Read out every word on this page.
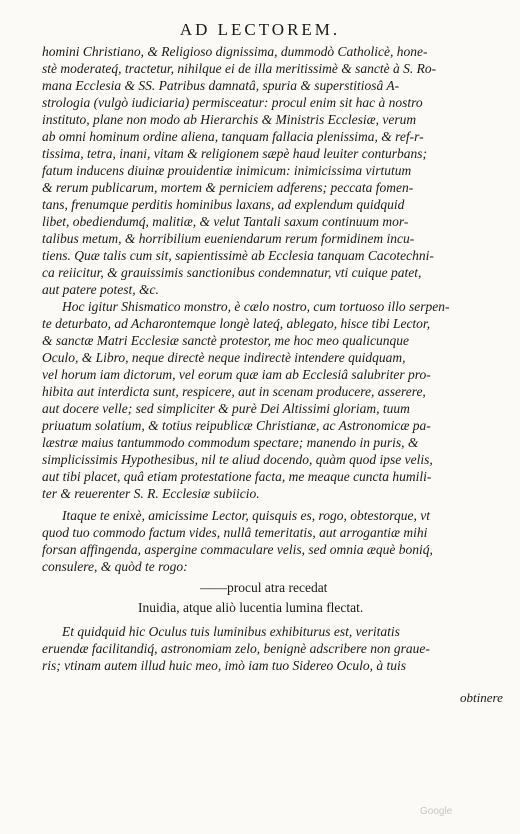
AD LECTOREM.
homini Christiano, & Religioso dignissima, dummodò Catholicè, hone-
stè moderateq́, tractetur, nihilque ei de illa meritissimè & sanctè à S. Ro-
mana Ecclesia & SS. Patribus damnatâ, spuria & superstitiosâ A-
strologia (vulgò iudiciaria) permisceatur: procul enim sit hac à nostro
instituto, plane non modo ab Hierarchis & Ministris Ecclesiæ, verum
ab omni hominum ordine aliena, tanquam fallacia plenissima, & ref-r-
tissima, tetra, inani, vitam & religionem sæpè haud leuiter conturbans;
fatum inducens diuinæ prouidentiæ inimicum: inimicissima virtutum
& rerum publicarum, mortem & perniciem adferens; peccata fomen-
tans, frenumque perditis hominibus laxans, ad explendum quidquid
libet, obediendumq́, malitiæ, & velut Tantali saxum continuum mor-
talibus metum, & horribilium eueniendarum rerum formidinem incu-
tiens. Quæ talis cum sit, sapientissimè ab Ecclesia tanquam Cacotechni-
ca reiicitur, & grauissimis sanctionibus condemnatur, vti cuique patet,
aut patere potest, &c.
Hoc igitur Shismatico monstro, è cælo nostro, cum tortuoso illo serpen-
te deturbato, ad Acharontemque longè lateq́, ablegato, hisce tibi Lector,
& sanctæ Matri Ecclesiæ sanctè protestor, me hoc meo qualicunque
Oculo, & Libro, neque directè neque indirectè intendere quidquam,
vel horum iam dictorum, vel eorum quæ iam ab Ecclesiâ salubriter pro-
hibita aut interdicta sunt, respicere, aut in scenam producere, asserere,
aut docere velle; sed simpliciter & purè Dei Altissimi gloriam, tuum
priuatum solatium, & totius reipublicæ Christianæ, ac Astronomicæ pa-
læstræ maius tantummodo commodum spectare; manendo in puris, &
simplicissimis Hypothesibus, nil te aliud docendo, quàm quod ipse velis,
aut tibi placet, quâ etiam protestatione facta, me meaque cuncta humili-
ter & reuerenter S. R. Ecclesiæ subiicio.
Itaque te enixè, amicissime Lector, quisquis es, rogo, obtestorque, vt
quod tuo commodo factum vides, nullâ temeritatis, aut arrogantiæ mihi
forsan affingenda, aspergine commaculare velis, sed omnia æquè boniq́,
consulere, & quòd te rogo:
——procul atra recedat
Inuidia, atque aliò lucentia lumina flectat.
Et quidquid hic Oculus tuis luminibus exhibiturus est, veritatis
eruendæ facilitandiq́, astronomiam zelo, benignè adscribere non graue-
ris; vtinam autem illud huic meo, imò iam tuo Sidereo Oculo, à tuis
obtinere
Google
